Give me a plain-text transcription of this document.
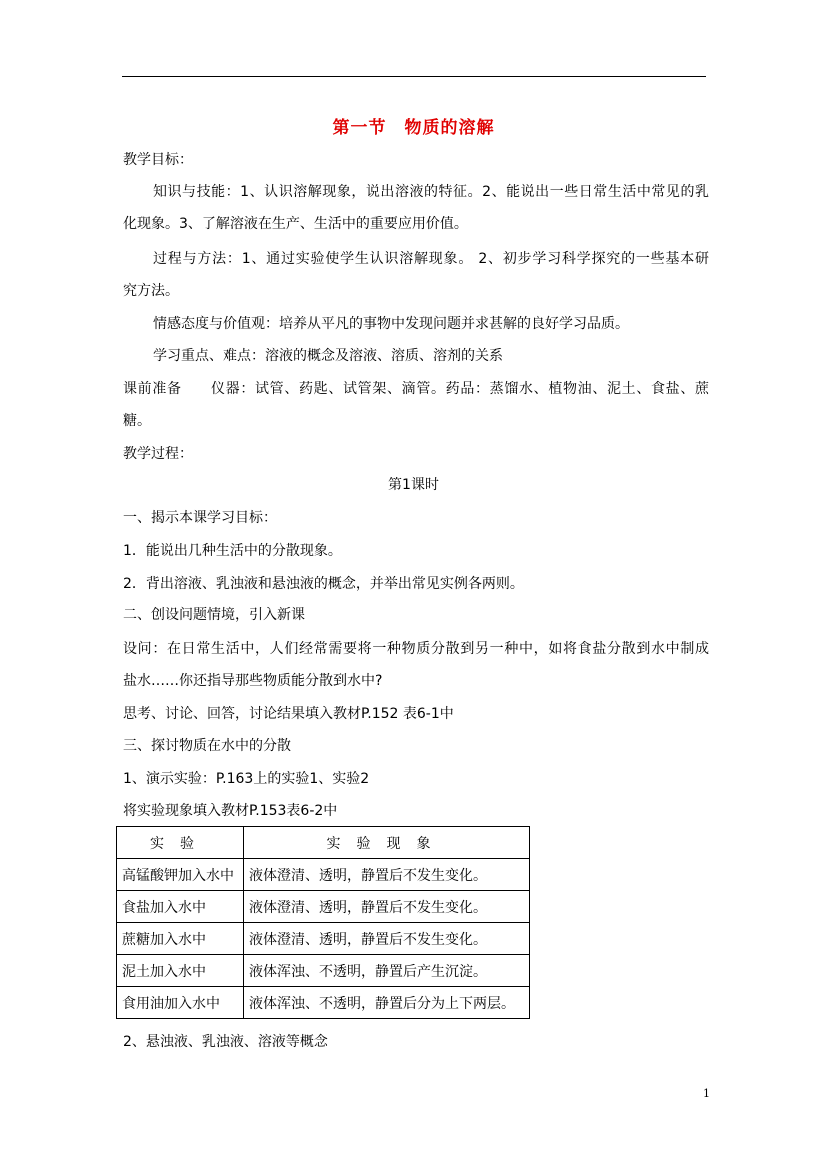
第一节　物质的溶解
教学目标：
知识与技能：1、认识溶解现象，说出溶液的特征。2、能说出一些日常生活中常见的乳
化现象。3、了解溶液在生产、生活中的重要应用价值。
过程与方法：1、通过实验使学生认识溶解现象。 2、初步学习科学探究的一些基本研
究方法。
情感态度与价值观：培养从平凡的事物中发现问题并求甚解的良好学习品质。
学习重点、难点：溶液的概念及溶液、溶质、溶剂的关系
课前准备　　仪器：试管、药匙、试管架、滴管。药品：蒸馏水、植物油、泥土、食盐、蔗
糖。
教学过程：
第1课时
一、揭示本课学习目标：
1．能说出几种生活中的分散现象。
2．背出溶液、乳浊液和悬浊液的概念，并举出常见实例各两则。
二、创设问题情境，引入新课
设问：在日常生活中，人们经常需要将一种物质分散到另一种中，如将食盐分散到水中制成
盐水……你还指导那些物质能分散到水中?
思考、讨论、回答，讨论结果填入教材P.152 表6-1中
三、探讨物质在水中的分散
1、演示实验：P.163上的实验1、实验2
将实验现象填入教材P.153表6-2中
实验	实验现象
高锰酸钾加入水中	液体澄清、透明，静置后不发生变化。
食盐加入水中	液体澄清、透明，静置后不发生变化。
蔗糖加入水中	液体澄清、透明，静置后不发生变化。
泥土加入水中	液体浑浊、不透明，静置后产生沉淀。
食用油加入水中	液体浑浊、不透明，静置后分为上下两层。
2、悬浊液、乳浊液、溶液等概念
1
